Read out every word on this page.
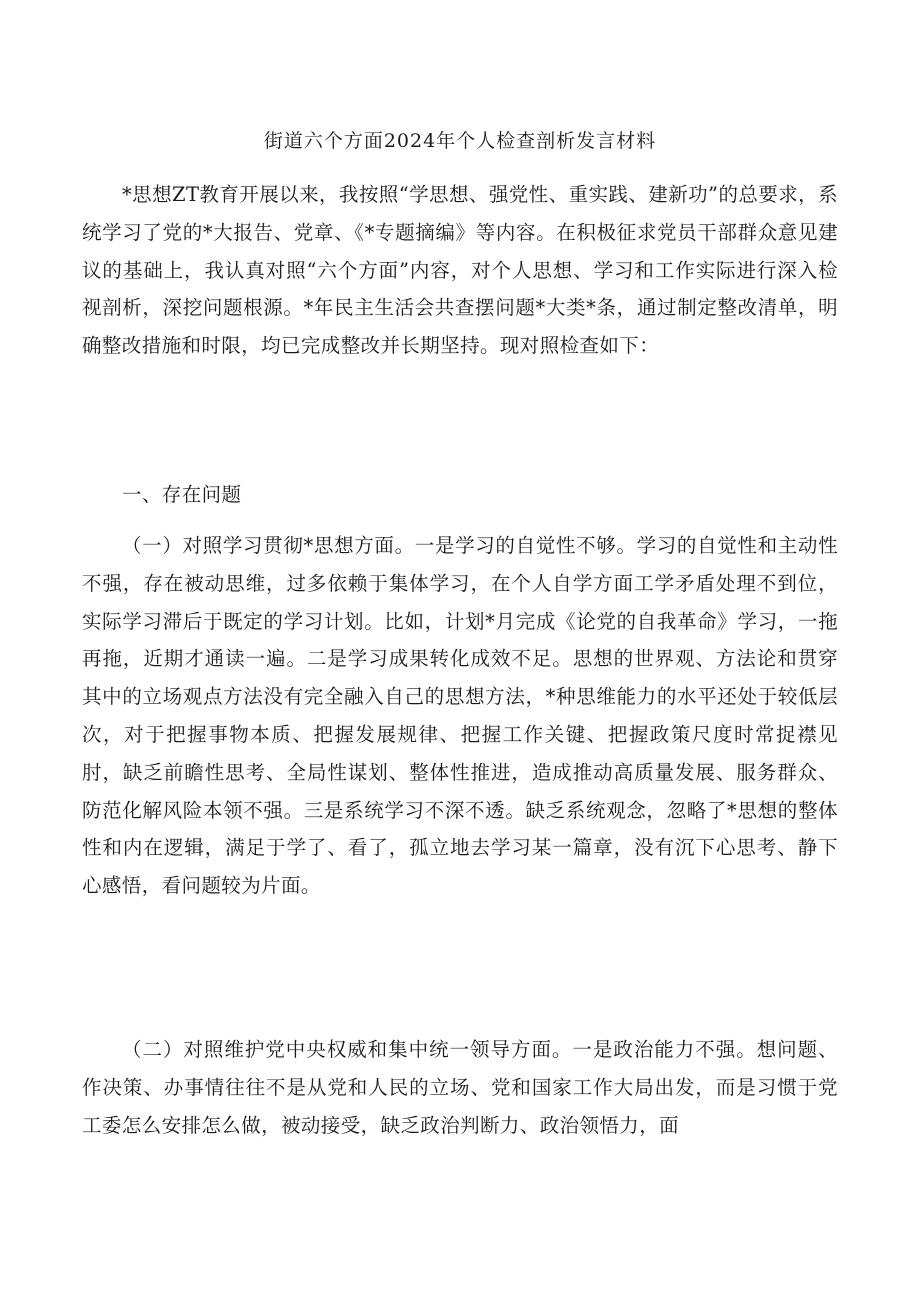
街道六个方面2024年个人检查剖析发言材料

*思想ZT教育开展以来，我按照“学思想、强党性、重实践、建新功”的总要求，系统学习了党的*大报告、党章、《*专题摘编》等内容。在积极征求党员干部群众意见建议的基础上，我认真对照“六个方面”内容，对个人思想、学习和工作实际进行深入检视剖析，深挖问题根源。*年民主生活会共查摆问题*大类*条，通过制定整改清单，明确整改措施和时限，均已完成整改并长期坚持。现对照检查如下：

一、存在问题

（一）对照学习贯彻*思想方面。一是学习的自觉性不够。学习的自觉性和主动性不强，存在被动思维，过多依赖于集体学习，在个人自学方面工学矛盾处理不到位，实际学习滞后于既定的学习计划。比如，计划*月完成《论党的自我革命》学习，一拖再拖，近期才通读一遍。二是学习成果转化成效不足。思想的世界观、方法论和贯穿其中的立场观点方法没有完全融入自己的思想方法，*种思维能力的水平还处于较低层次，对于把握事物本质、把握发展规律、把握工作关键、把握政策尺度时常捉襟见肘，缺乏前瞻性思考、全局性谋划、整体性推进，造成推动高质量发展、服务群众、防范化解风险本领不强。三是系统学习不深不透。缺乏系统观念，忽略了*思想的整体性和内在逻辑，满足于学了、看了，孤立地去学习某一篇章，没有沉下心思考、静下心感悟，看问题较为片面。

（二）对照维护党中央权威和集中统一领导方面。一是政治能力不强。想问题、作决策、办事情往往不是从党和人民的立场、党和国家工作大局出发，而是习惯于党工委怎么安排怎么做，被动接受，缺乏政治判断力、政治领悟力，面
